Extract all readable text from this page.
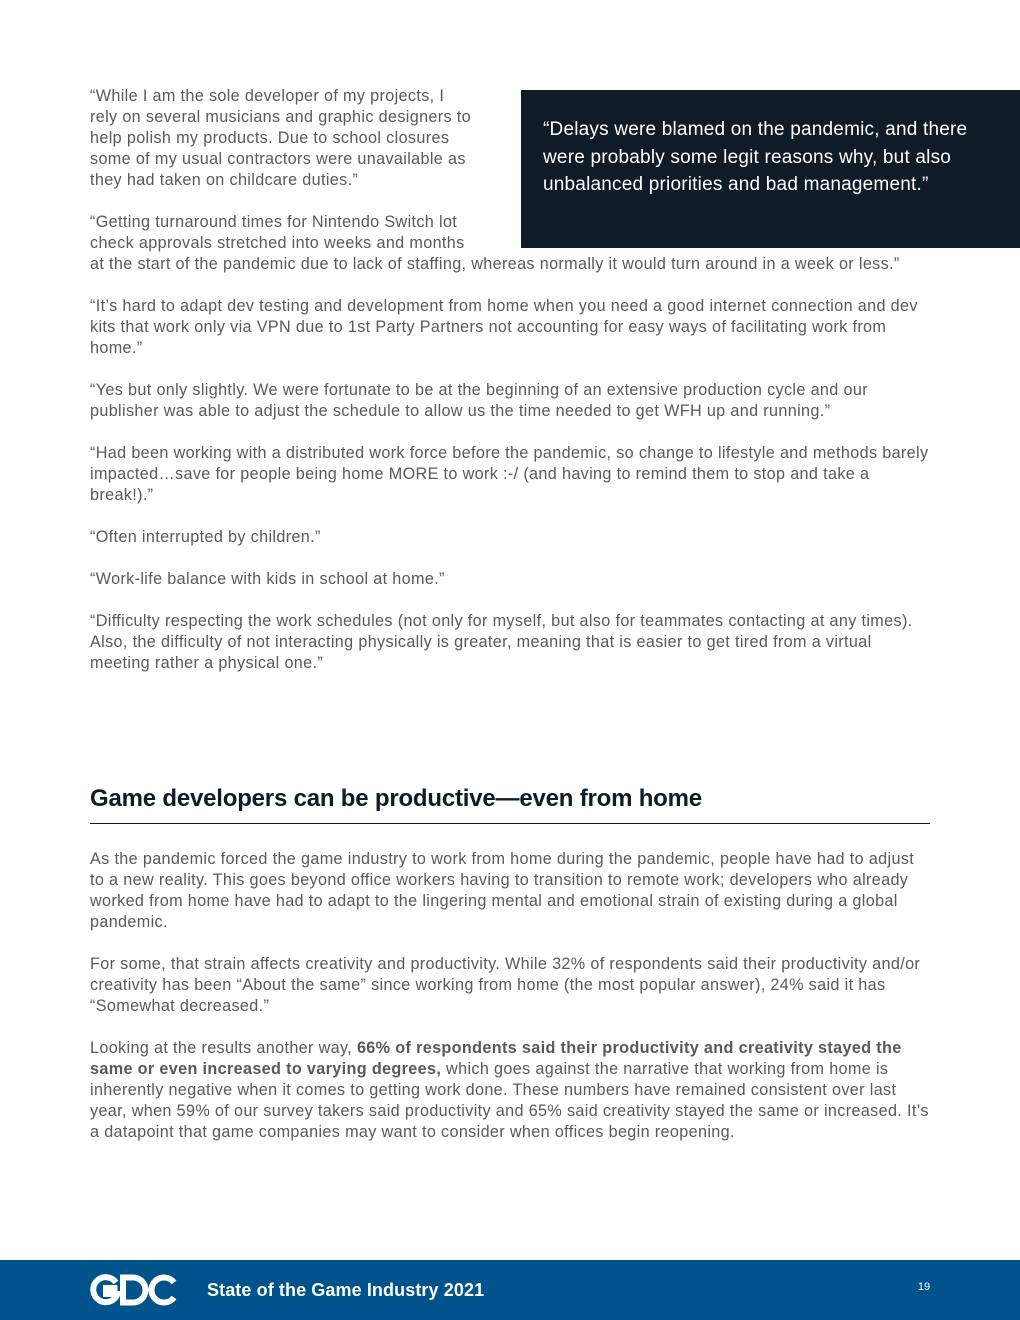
“Delays were blamed on the pandemic, and there were probably some legit reasons why, but also unbalanced priorities and bad management.”

“While I am the sole developer of my projects, I rely on several musicians and graphic designers to help polish my products. Due to school closures some of my usual contractors were unavailable as they had taken on childcare duties.”

“Getting turnaround times for Nintendo Switch lot check approvals stretched into weeks and months at the start of the pandemic due to lack of staffing, whereas normally it would turn around in a week or less.”

“It’s hard to adapt dev testing and development from home when you need a good internet connection and dev kits that work only via VPN due to 1st Party Partners not accounting for easy ways of facilitating work from home.”

“Yes but only slightly. We were fortunate to be at the beginning of an extensive production cycle and our publisher was able to adjust the schedule to allow us the time needed to get WFH up and running.”

“Had been working with a distributed work force before the pandemic, so change to lifestyle and methods barely impacted…save for people being home MORE to work :-/ (and having to remind them to stop and take a break!).”

“Often interrupted by children.”

“Work-life balance with kids in school at home.”

“Difficulty respecting the work schedules (not only for myself, but also for teammates contacting at any times). Also, the difficulty of not interacting physically is greater, meaning that is easier to get tired from a virtual meeting rather a physical one.”

Game developers can be productive—even from home

As the pandemic forced the game industry to work from home during the pandemic, people have had to adjust to a new reality. This goes beyond office workers having to transition to remote work; developers who already worked from home have had to adapt to the lingering mental and emotional strain of existing during a global pandemic.

For some, that strain affects creativity and productivity. While 32% of respondents said their productivity and/or creativity has been “About the same” since working from home (the most popular answer), 24% said it has “Somewhat decreased.”

Looking at the results another way, 66% of respondents said their productivity and creativity stayed the same or even increased to varying degrees, which goes against the narrative that working from home is inherently negative when it comes to getting work done. These numbers have remained consistent over last year, when 59% of our survey takers said productivity and 65% said creativity stayed the same or increased. It’s a datapoint that game companies may want to consider when offices begin reopening.

State of the Game Industry 2021	19
